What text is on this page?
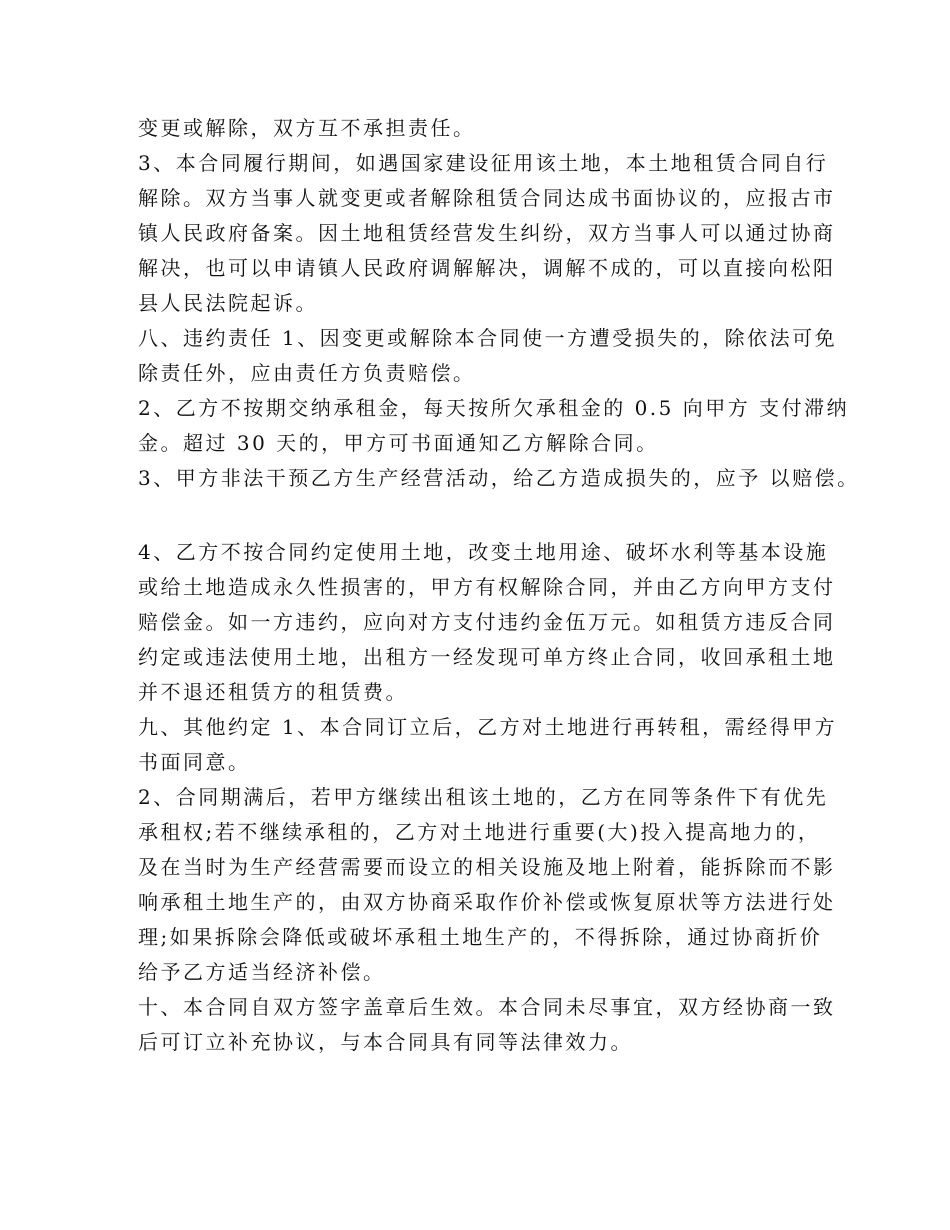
变更或解除，双方互不承担责任。
3、本合同履行期间，如遇国家建设征用该土地，本土地租赁合同自行
解除。双方当事人就变更或者解除租赁合同达成书面协议的，应报古市
镇人民政府备案。因土地租赁经营发生纠纷，双方当事人可以通过协商
解决，也可以申请镇人民政府调解解决，调解不成的，可以直接向松阳
县人民法院起诉。
八、违约责任 1、因变更或解除本合同使一方遭受损失的，除依法可免
除责任外，应由责任方负责赔偿。
2、乙方不按期交纳承租金，每天按所欠承租金的 0.5 向甲方 支付滞纳
金。超过 30 天的，甲方可书面通知乙方解除合同。
3、甲方非法干预乙方生产经营活动，给乙方造成损失的，应予 以赔偿。
4、乙方不按合同约定使用土地，改变土地用途、破坏水利等基本设施
或给土地造成永久性损害的，甲方有权解除合同，并由乙方向甲方支付
赔偿金。如一方违约，应向对方支付违约金伍万元。如租赁方违反合同
约定或违法使用土地，出租方一经发现可单方终止合同，收回承租土地
并不退还租赁方的租赁费。
九、其他约定 1、本合同订立后，乙方对土地进行再转租，需经得甲方
书面同意。
2、合同期满后，若甲方继续出租该土地的，乙方在同等条件下有优先
承租权;若不继续承租的，乙方对土地进行重要(大)投入提高地力的，
及在当时为生产经营需要而设立的相关设施及地上附着，能拆除而不影
响承租土地生产的，由双方协商采取作价补偿或恢复原状等方法进行处
理;如果拆除会降低或破坏承租土地生产的，不得拆除，通过协商折价
给予乙方适当经济补偿。
十、本合同自双方签字盖章后生效。本合同未尽事宜，双方经协商一致
后可订立补充协议，与本合同具有同等法律效力。
